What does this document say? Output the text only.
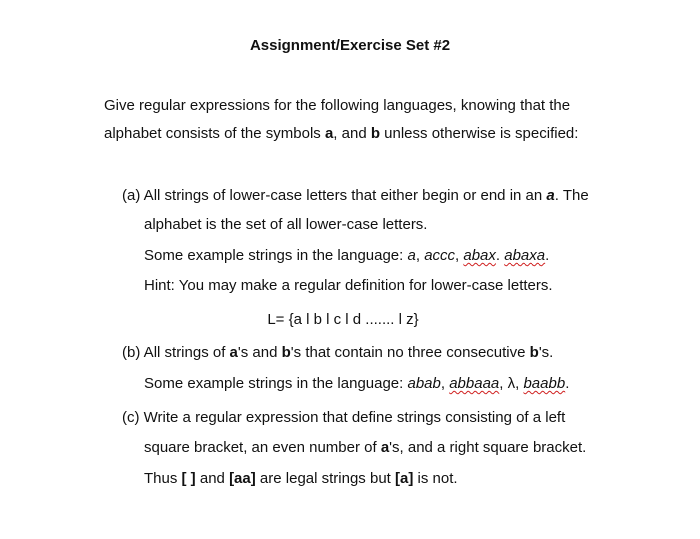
Assignment/Exercise Set #2
Give regular expressions for the following languages, knowing that the
alphabet consists of the symbols a, and b unless otherwise is specified:
(a) All strings of lower-case letters that either begin or end in an a. The
alphabet is the set of all lower-case letters.
Some example strings in the language: a, accc, abax. abaxa.
Hint: You may make a regular definition for lower-case letters.
L= {a l b l c l d ....... l z}
(b) All strings of a's and b's that contain no three consecutive b's.
Some example strings in the language: abab, abbaaa, λ, baabb.
(c) Write a regular expression that define strings consisting of a left
square bracket, an even number of a's, and a right square bracket.
Thus [ ] and [aa] are legal strings but [a] is not.
